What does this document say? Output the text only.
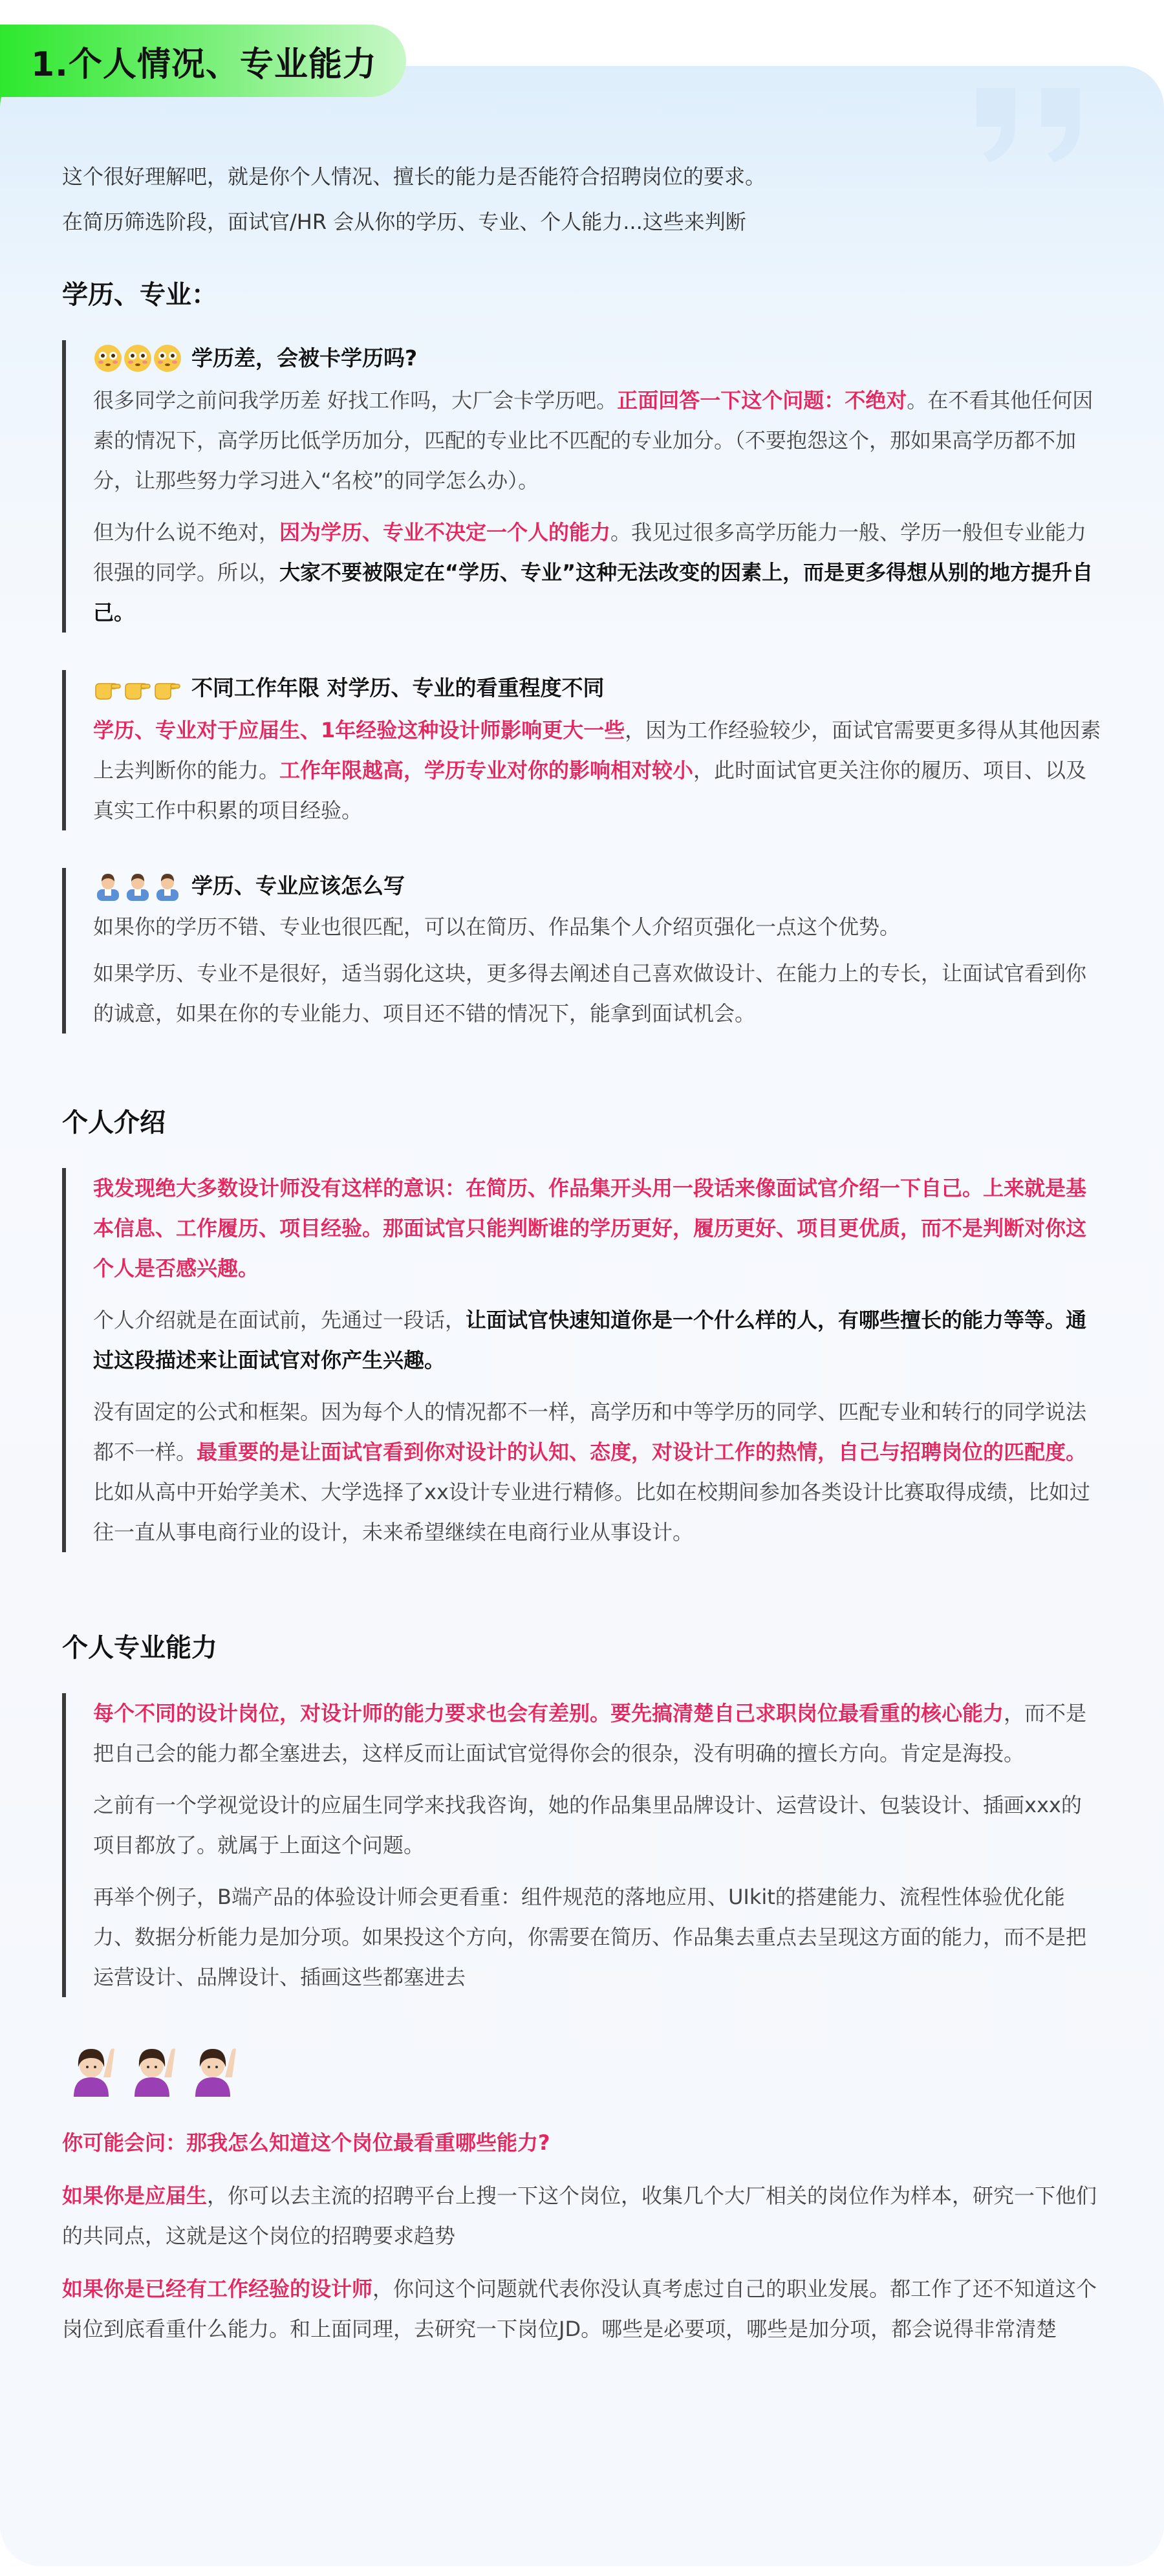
1.个人情况、专业能力

这个很好理解吧，就是你个人情况、擅长的能力是否能符合招聘岗位的要求。

在简历筛选阶段，面试官/HR 会从你的学历、专业、个人能力...这些来判断

学历、专业：
学历差，会被卡学历吗?
很多同学之前问我学历差 好找工作吗，大厂会卡学历吧。正面回答一下这个问题：不绝对。在不看其他任何因素的情况下，高学历比低学历加分，匹配的专业比不匹配的专业加分。（不要抱怨这个，那如果高学历都不加分，让那些努力学习进入“名校”的同学怎么办）。
但为什么说不绝对，因为学历、专业不决定一个人的能力。我见过很多高学历能力一般、学历一般但专业能力很强的同学。所以，大家不要被限定在“学历、专业”这种无法改变的因素上，而是更多得想从别的地方提升自己。
不同工作年限 对学历、专业的看重程度不同
学历、专业对于应届生、1年经验这种设计师影响更大一些，因为工作经验较少，面试官需要更多得从其他因素上去判断你的能力。工作年限越高，学历专业对你的影响相对较小，此时面试官更关注你的履历、项目、以及真实工作中积累的项目经验。
学历、专业应该怎么写
如果你的学历不错、专业也很匹配，可以在简历、作品集个人介绍页强化一点这个优势。
如果学历、专业不是很好，适当弱化这块，更多得去阐述自己喜欢做设计、在能力上的专长，让面试官看到你的诚意，如果在你的专业能力、项目还不错的情况下，能拿到面试机会。
个人介绍
我发现绝大多数设计师没有这样的意识：在简历、作品集开头用一段话来像面试官介绍一下自己。上来就是基本信息、工作履历、项目经验。那面试官只能判断谁的学历更好，履历更好、项目更优质，而不是判断对你这个人是否感兴趣。
个人介绍就是在面试前，先通过一段话，让面试官快速知道你是一个什么样的人，有哪些擅长的能力等等。通过这段描述来让面试官对你产生兴趣。
没有固定的公式和框架。因为每个人的情况都不一样，高学历和中等学历的同学、匹配专业和转行的同学说法都不一样。最重要的是让面试官看到你对设计的认知、态度，对设计工作的热情，自己与招聘岗位的匹配度。比如从高中开始学美术、大学选择了xx设计专业进行精修。比如在校期间参加各类设计比赛取得成绩，比如过往一直从事电商行业的设计，未来希望继续在电商行业从事设计。
个人专业能力
每个不同的设计岗位，对设计师的能力要求也会有差别。要先搞清楚自己求职岗位最看重的核心能力，而不是把自己会的能力都全塞进去，这样反而让面试官觉得你会的很杂，没有明确的擅长方向。肯定是海投。
之前有一个学视觉设计的应届生同学来找我咨询，她的作品集里品牌设计、运营设计、包装设计、插画xxx的项目都放了。就属于上面这个问题。
再举个例子，B端产品的体验设计师会更看重：组件规范的落地应用、UIkit的搭建能力、流程性体验优化能力、数据分析能力是加分项。如果投这个方向，你需要在简历、作品集去重点去呈现这方面的能力，而不是把运营设计、品牌设计、插画这些都塞进去
你可能会问：那我怎么知道这个岗位最看重哪些能力?
如果你是应届生，你可以去主流的招聘平台上搜一下这个岗位，收集几个大厂相关的岗位作为样本，研究一下他们的共同点，这就是这个岗位的招聘要求趋势
如果你是已经有工作经验的设计师，你问这个问题就代表你没认真考虑过自己的职业发展。都工作了还不知道这个岗位到底看重什么能力。和上面同理，去研究一下岗位JD。哪些是必要项，哪些是加分项，都会说得非常清楚
